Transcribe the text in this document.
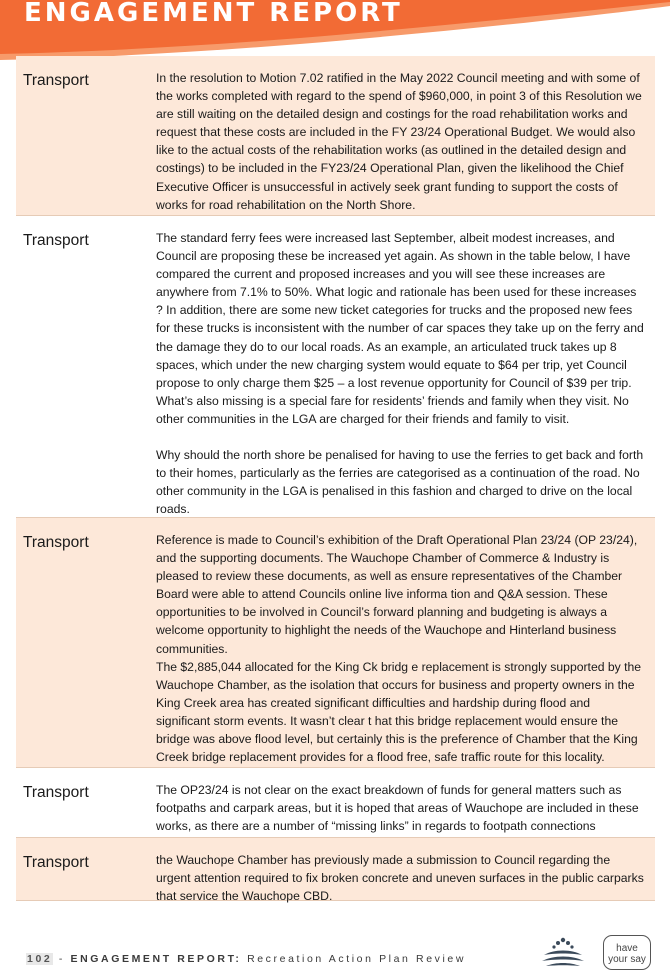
ENGAGEMENT REPORT
Transport	In the resolution to Motion 7.02 ratified in the May 2022 Council meeting and with some of the works completed with regard to the spend of $960,000, in point 3 of this Resolution we are still waiting on the detailed design and costings for the road rehabilitation works and request that these costs are included in the FY 23/24 Operational Budget. We would also like to the actual costs of the rehabilitation works (as outlined in the detailed design and costings) to be included in the FY23/24 Operational Plan, given the likelihood the Chief Executive Officer is unsuccessful in actively seek grant funding to support the costs of works for road rehabilitation on the North Shore.

Transport	The standard ferry fees were increased last September, albeit modest increases, and Council are proposing these be increased yet again. As shown in the table below, I have compared the current and proposed increases and you will see these increases are anywhere from 7.1% to 50%. What logic and rationale has been used for these increases ? In addition, there are some new ticket categories for trucks and the proposed new fees for these trucks is inconsistent with the number of car spaces they take up on the ferry and the damage they do to our local roads. As an example, an articulated truck takes up 8 spaces, which under the new charging system would equate to $64 per trip, yet Council propose to only charge them $25 – a lost revenue opportunity for Council of $39 per trip. What’s also missing is a special fare for residents’ friends and family when they visit. No other communities in the LGA are charged for their friends and family to visit.

Why should the north shore be penalised for having to use the ferries to get back and forth to their homes, particularly as the ferries are categorised as a continuation of the road. No other community in the LGA is penalised in this fashion and charged to drive on the local roads.

Transport	Reference is made to Council’s exhibition of the Draft Operational Plan 23/24 (OP 23/24), and the supporting documents. The Wauchope Chamber of Commerce & Industry is pleased to review these documents, as well as ensure representatives of the Chamber Board were able to attend Councils online live informa tion and Q&A session. These opportunities to be involved in Council’s forward planning and budgeting is always a welcome opportunity to highlight the needs of the Wauchope and Hinterland business communities.

The $2,885,044 allocated for the King Ck bridg e replacement is strongly supported by the Wauchope Chamber, as the isolation that occurs for business and property owners in the King Creek area has created significant difficulties and hardship during flood and significant storm events. It wasn’t clear t hat this bridge replacement would ensure the bridge was above flood level, but certainly this is the preference of Chamber that the King Creek bridge replacement provides for a flood free, safe traffic route for this locality.

Transport	The OP23/24 is not clear on the exact breakdown of funds for general matters such as footpaths and carpark areas, but it is hoped that areas of Wauchope are included in these works, as there are a number of “missing links” in regards to footpath connections

Transport	the Wauchope Chamber has previously made a submission to Council regarding the urgent attention required to fix broken concrete and uneven surfaces in the public carparks that service the Wauchope CBD.

102 - ENGAGEMENT REPORT: Recreation Action Plan Review
have
your say
